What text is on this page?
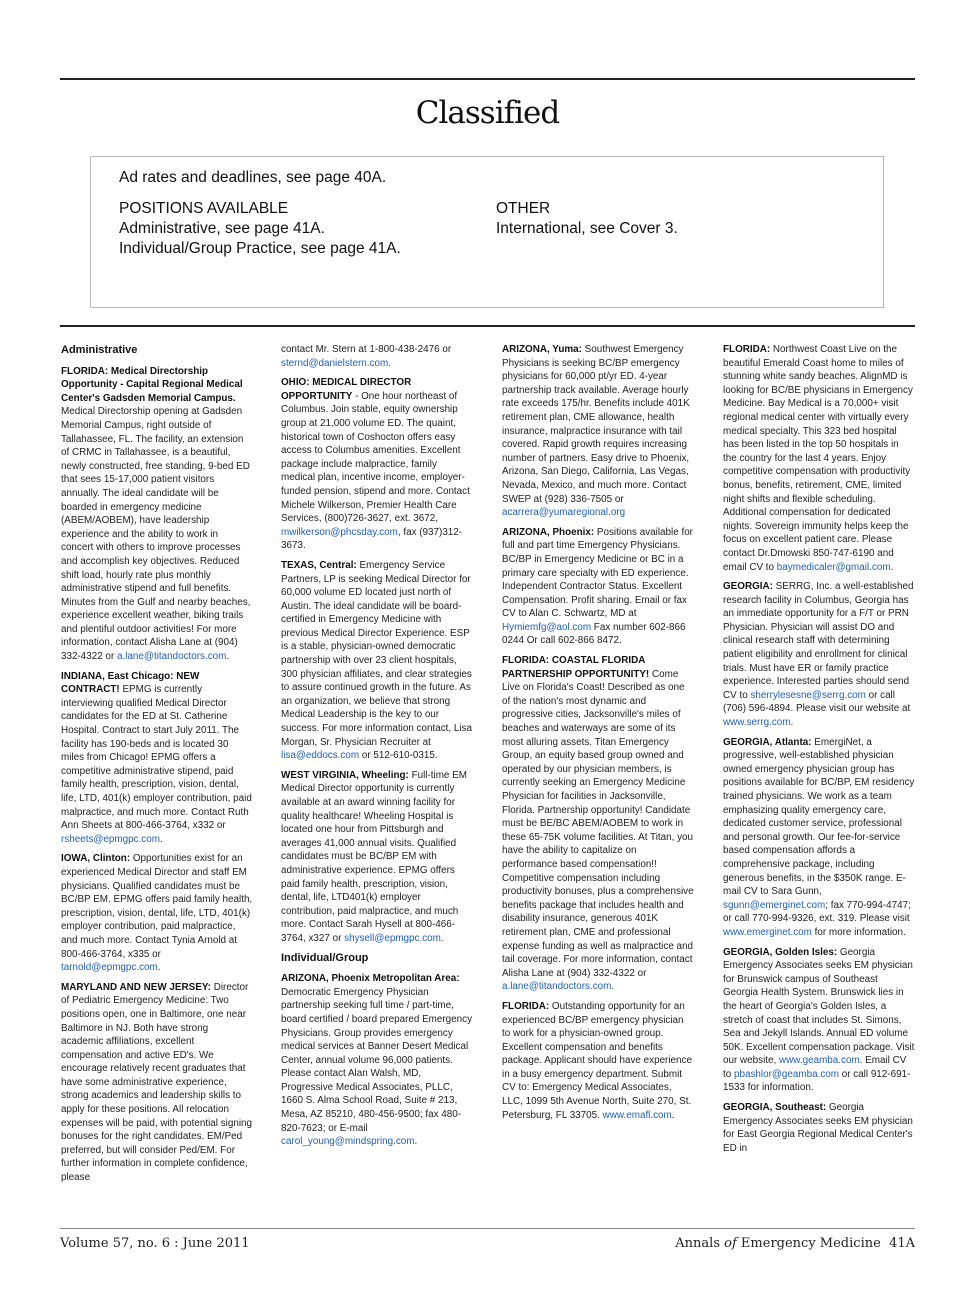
Classified
Ad rates and deadlines, see page 40A.
POSITIONS AVAILABLE
Administrative, see page 41A.
Individual/Group Practice, see page 41A.
OTHER
International, see Cover 3.
Administrative

FLORIDA: Medical Directorship Opportunity - Capital Regional Medical Center's Gadsden Memorial Campus. Medical Directorship opening at Gadsden Memorial Campus, right outside of Tallahassee, FL. The facility, an extension of CRMC in Tallahassee, is a beautiful, newly constructed, free standing, 9-bed ED that sees 15-17,000 patient visitors annually. The ideal candidate will be boarded in emergency medicine (ABEM/AOBEM), have leadership experience and the ability to work in concert with others to improve processes and accomplish key objectives. Reduced shift load, hourly rate plus monthly administrative stipend and full benefits. Minutes from the Gulf and nearby beaches, experience excellent weather, biking trails and plentiful outdoor activities! For more information, contact Alisha Lane at (904) 332-4322 or a.lane@titandoctors.com.

INDIANA, East Chicago: NEW CONTRACT! EPMG is currently interviewing qualified Medical Director candidates for the ED at St. Catherine Hospital. Contract to start July 2011. The facility has 190-beds and is located 30 miles from Chicago! EPMG offers a competitive administrative stipend, paid family health, prescription, vision, dental, life, LTD, 401(k) employer contribution, paid malpractice, and much more. Contact Ruth Ann Sheets at 800-466-3764, x332 or rsheets@epmgpc.com.

IOWA, Clinton: Opportunities exist for an experienced Medical Director and staff EM physicians. Qualified candidates must be BC/BP EM. EPMG offers paid family health, prescription, vision, dental, life, LTD, 401(k) employer contribution, paid malpractice, and much more. Contact Tynia Arnold at 800-466-3764, x335 or tarnold@epmgpc.com.

MARYLAND AND NEW JERSEY: Director of Pediatric Emergency Medicine: Two positions open, one in Baltimore, one near Baltimore in NJ. Both have strong academic affiliations, excellent compensation and active ED's. We encourage relatively recent graduates that have some administrative experience, strong academics and leadership skills to apply for these positions. All relocation expenses will be paid, with potential signing bonuses for the right candidates. EM/Ped preferred, but will consider Ped/EM. For further information in complete confidence, please

contact Mr. Stern at 1-800-438-2476 or sternd@danielstern.com.

OHIO: MEDICAL DIRECTOR OPPORTUNITY - One hour northeast of Columbus. Join stable, equity ownership group at 21,000 volume ED. The quaint, historical town of Coshocton offers easy access to Columbus amenities. Excellent package include malpractice, family medical plan, incentive income, employer-funded pension, stipend and more. Contact Michele Wilkerson, Premier Health Care Services, (800)726-3627, ext. 3672, mwilkerson@phcsday.com, fax (937)312-3673.

TEXAS, Central: Emergency Service Partners, LP is seeking Medical Director for 60,000 volume ED located just north of Austin. The ideal candidate will be board-certified in Emergency Medicine with previous Medical Director Experience. ESP is a stable, physician-owned democratic partnership with over 23 client hospitals, 300 physician affiliates, and clear strategies to assure continued growth in the future. As an organization, we believe that strong Medical Leadership is the key to our success. For more information contact, Lisa Morgan, Sr. Physician Recruiter at lisa@eddocs.com or 512-610-0315.

WEST VIRGINIA, Wheeling: Full-time EM Medical Director opportunity is currently available at an award winning facility for quality healthcare! Wheeling Hospital is located one hour from Pittsburgh and averages 41,000 annual visits. Qualified candidates must be BC/BP EM with administrative experience. EPMG offers paid family health, prescription, vision, dental, life, LTD401(k) employer contribution, paid malpractice, and much more. Contact Sarah Hysell at 800-466-3764, x327 or shysell@epmgpc.com.

Individual/Group

ARIZONA, Phoenix Metropolitan Area: Democratic Emergency Physician partnership seeking full time / part-time, board certified / board prepared Emergency Physicians. Group provides emergency medical services at Banner Desert Medical Center, annual volume 96,000 patients. Please contact Alan Walsh, MD, Progressive Medical Associates, PLLC, 1660 S. Alma School Road, Suite # 213, Mesa, AZ 85210, 480-456-9500; fax 480-820-7623; or E-mail carol_young@mindspring.com.

ARIZONA, Yuma: Southwest Emergency Physicians is seeking BC/BP emergency physicians for 60,000 pt/yr ED. 4-year partnership track available. Average hourly rate exceeds 175/hr. Benefits include 401K retirement plan, CME allowance, health insurance, malpractice insurance with tail covered. Rapid growth requires increasing number of partners. Easy drive to Phoenix, Arizona, San Diego, California, Las Vegas, Nevada, Mexico, and much more. Contact SWEP at (928) 336-7505 or acarrera@yumaregional.org

ARIZONA, Phoenix: Positions available for full and part time Emergency Physicians. BC/BP in Emergency Medicine or BC in a primary care specialty with ED experience. Independent Contractor Status. Excellent Compensation. Profit sharing. Email or fax CV to Alan C. Schwartz, MD at Hymiemfg@aol.com Fax number 602-866 0244 Or call 602-866 8472.

FLORIDA: COASTAL FLORIDA PARTNERSHIP OPPORTUNITY! Come Live on Florida's Coast! Described as one of the nation's most dynamic and progressive cities, Jacksonville's miles of beaches and waterways are some of its most alluring assets. Titan Emergency Group, an equity based group owned and operated by our physician members, is currently seeking an Emergency Medicine Physician for facilities in Jacksonville, Florida. Partnership opportunity! Candidate must be BE/BC ABEM/AOBEM to work in these 65-75K volume facilities. At Titan, you have the ability to capitalize on performance based compensation!! Competitive compensation including productivity bonuses, plus a comprehensive benefits package that includes health and disability insurance, generous 401K retirement plan, CME and professional expense funding as well as malpractice and tail coverage. For more information, contact Alisha Lane at (904) 332-4322 or a.lane@titandoctors.com.

FLORIDA: Outstanding opportunity for an experienced BC/BP emergency physician to work for a physician-owned group. Excellent compensation and benefits package. Applicant should have experience in a busy emergency department. Submit CV to: Emergency Medical Associates, LLC, 1099 5th Avenue North, Suite 270, St. Petersburg, FL 33705. www.emafl.com.

FLORIDA: Northwest Coast Live on the beautiful Emerald Coast home to miles of stunning white sandy beaches. AlignMD is looking for BC/BE physicians in Emergency Medicine. Bay Medical is a 70,000+ visit regional medical center with virtually every medical specialty. This 323 bed hospital has been listed in the top 50 hospitals in the country for the last 4 years. Enjoy competitive compensation with productivity bonus, benefits, retirement, CME, limited night shifts and flexible scheduling. Additional compensation for dedicated nights. Sovereign immunity helps keep the focus on excellent patient care. Please contact Dr.Dmowski 850-747-6190 and email CV to baymedicaler@gmail.com.

GEORGIA: SERRG, Inc. a well-established research facility in Columbus, Georgia has an immediate opportunity for a F/T or PRN Physician. Physician will assist DO and clinical research staff with determining patient eligibility and enrollment for clinical trials. Must have ER or family practice experience. Interested parties should send CV to sherrylesesne@serrg.com or call (706) 596-4894. Please visit our website at www.serrg.com.

GEORGIA, Atlanta: EmergiNet, a progressive, well-established physician owned emergency physician group has positions available for BC/BP, EM residency trained physicians. We work as a team emphasizing quality emergency care, dedicated customer service, professional and personal growth. Our fee-for-service based compensation affords a comprehensive package, including generous benefits, in the $350K range. E-mail CV to Sara Gunn, sgunn@emerginet.com; fax 770-994-4747; or call 770-994-9326, ext. 319. Please visit www.emerginet.com for more information.

GEORGIA, Golden Isles: Georgia Emergency Associates seeks EM physician for Brunswick campus of Southeast Georgia Health System. Brunswick lies in the heart of Georgia's Golden Isles, a stretch of coast that includes St. Simons, Sea and Jekyll Islands. Annual ED volume 50K. Excellent compensation package. Visit our website, www.geamba.com. Email CV to pbashlor@geamba.com or call 912-691-1533 for information.

GEORGIA, Southeast: Georgia Emergency Associates seeks EM physician for East Georgia Regional Medical Center's ED in

Volume 57, no. 6 : June 2011	Annals of Emergency Medicine 41A
